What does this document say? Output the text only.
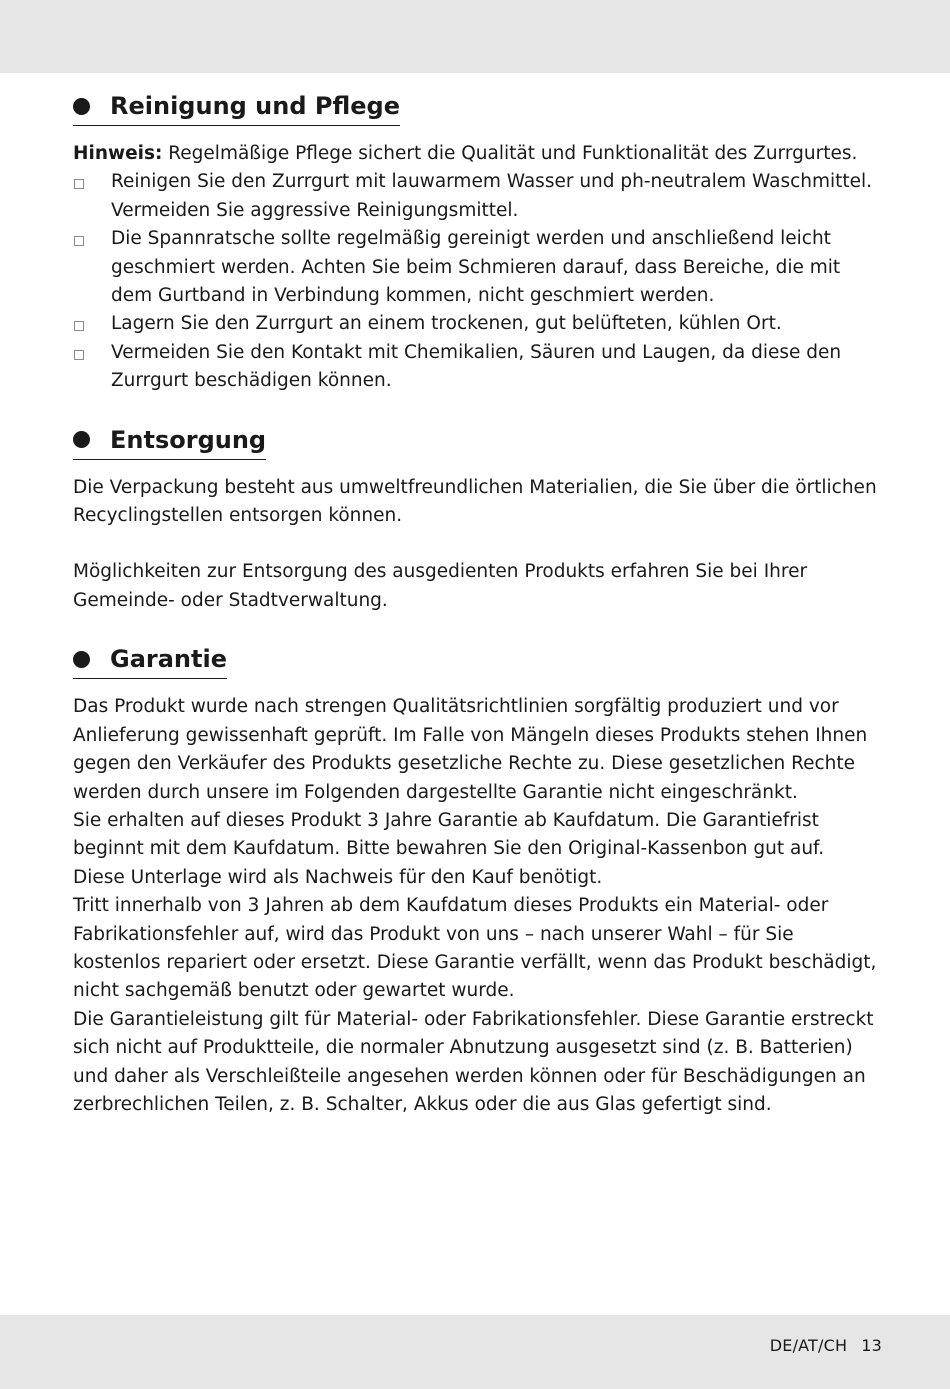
Reinigung und Pflege

Hinweis: Regelmäßige Pflege sichert die Qualität und Funktionalität des Zurrgurtes.

Reinigen Sie den Zurrgurt mit lauwarmem Wasser und ph-neutralem Waschmittel. Vermeiden Sie aggressive Reinigungsmittel.
Die Spannratsche sollte regelmäßig gereinigt werden und anschließend leicht geschmiert werden. Achten Sie beim Schmieren darauf, dass Bereiche, die mit dem Gurtband in Verbindung kommen, nicht geschmiert werden.
Lagern Sie den Zurrgurt an einem trockenen, gut belüfteten, kühlen Ort.
Vermeiden Sie den Kontakt mit Chemikalien, Säuren und Laugen, da diese den Zurrgurt beschädigen können.
Entsorgung

Die Verpackung besteht aus umweltfreundlichen Materialien, die Sie über die örtlichen Recyclingstellen entsorgen können.

Möglichkeiten zur Entsorgung des ausgedienten Produkts erfahren Sie bei Ihrer Gemeinde- oder Stadtverwaltung.

Garantie

Das Produkt wurde nach strengen Qualitätsrichtlinien sorgfältig produziert und vor Anlieferung gewissenhaft geprüft. Im Falle von Mängeln dieses Produkts stehen Ihnen gegen den Verkäufer des Produkts gesetzliche Rechte zu. Diese gesetzlichen Rechte werden durch unsere im Folgenden dargestellte Garantie nicht eingeschränkt.

Sie erhalten auf dieses Produkt 3 Jahre Garantie ab Kaufdatum. Die Garantiefrist beginnt mit dem Kaufdatum. Bitte bewahren Sie den Original-Kassenbon gut auf. Diese Unterlage wird als Nachweis für den Kauf benötigt.

Tritt innerhalb von 3 Jahren ab dem Kaufdatum dieses Produkts ein Material- oder Fabrikationsfehler auf, wird das Produkt von uns – nach unserer Wahl – für Sie kostenlos repariert oder ersetzt. Diese Garantie verfällt, wenn das Produkt beschädigt, nicht sachgemäß benutzt oder gewartet wurde.

Die Garantieleistung gilt für Material- oder Fabrikationsfehler. Diese Garantie erstreckt sich nicht auf Produktteile, die normaler Abnutzung ausgesetzt sind (z. B. Batterien) und daher als Verschleißteile angesehen werden können oder für Beschädigungen an zerbrechlichen Teilen, z. B. Schalter, Akkus oder die aus Glas gefertigt sind.

DE/AT/CH 13
